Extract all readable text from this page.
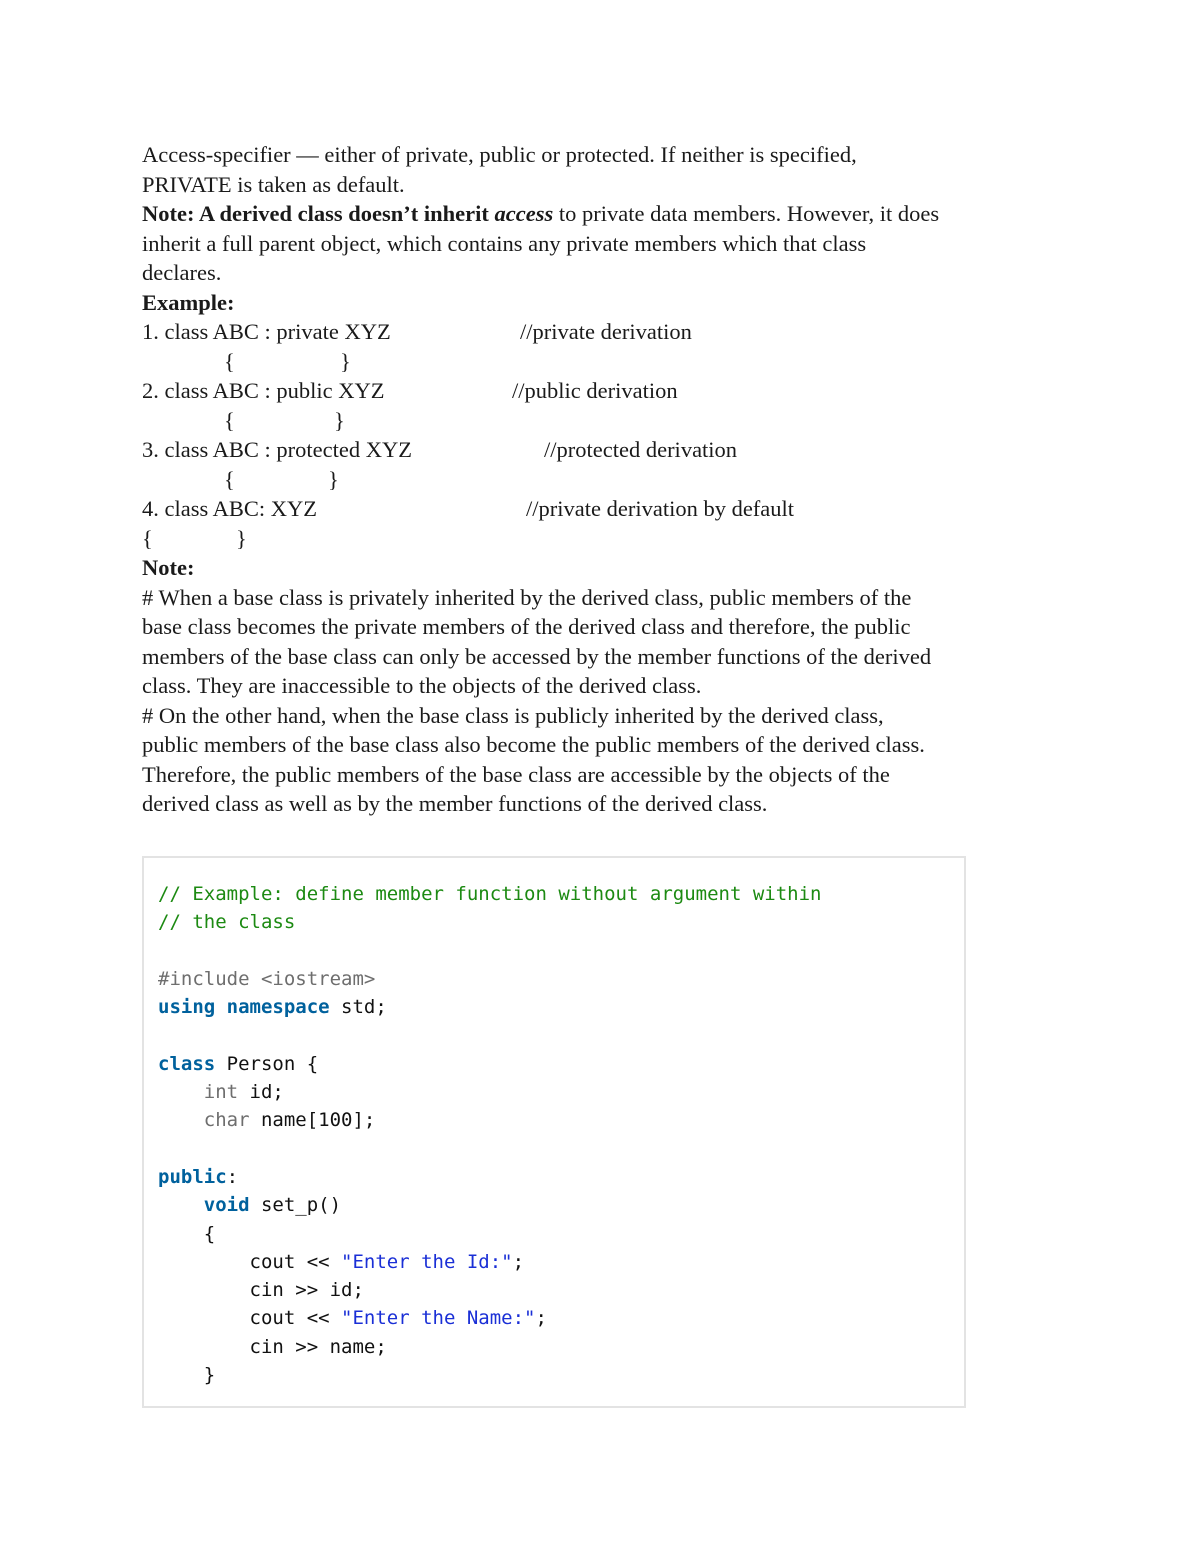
Access-specifier — either of private, public or protected. If neither is specified,
PRIVATE is taken as default.
Note: A derived class doesn’t inherit access to private data members. However, it does
inherit a full parent object, which contains any private members which that class
declares.
Example:
1. class ABC : private XYZ	//private derivation
{	}
2. class ABC : public XYZ	//public derivation
{	}
3. class ABC : protected XYZ	//protected derivation
{	}
4. class ABC: XYZ	//private derivation by default
{	}
Note:
# When a base class is privately inherited by the derived class, public members of the
base class becomes the private members of the derived class and therefore, the public
members of the base class can only be accessed by the member functions of the derived
class. They are inaccessible to the objects of the derived class.
# On the other hand, when the base class is publicly inherited by the derived class,
public members of the base class also become the public members of the derived class.
Therefore, the public members of the base class are accessible by the objects of the
derived class as well as by the member functions of the derived class.
// Example: define member function without argument within
// the class

#include <iostream>
using namespace std;

class Person {
int id;
char name[100];

public:
void set_p()
{
cout << "Enter the Id:";
cin >> id;
cout << "Enter the Name:";
cin >> name;
}
